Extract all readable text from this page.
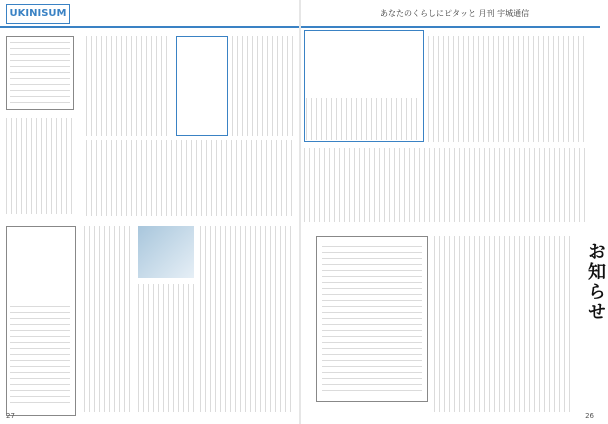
UKINISUM	あなたのくらしにピタッと 月刊 宇城通信
27
お知らせ
26
